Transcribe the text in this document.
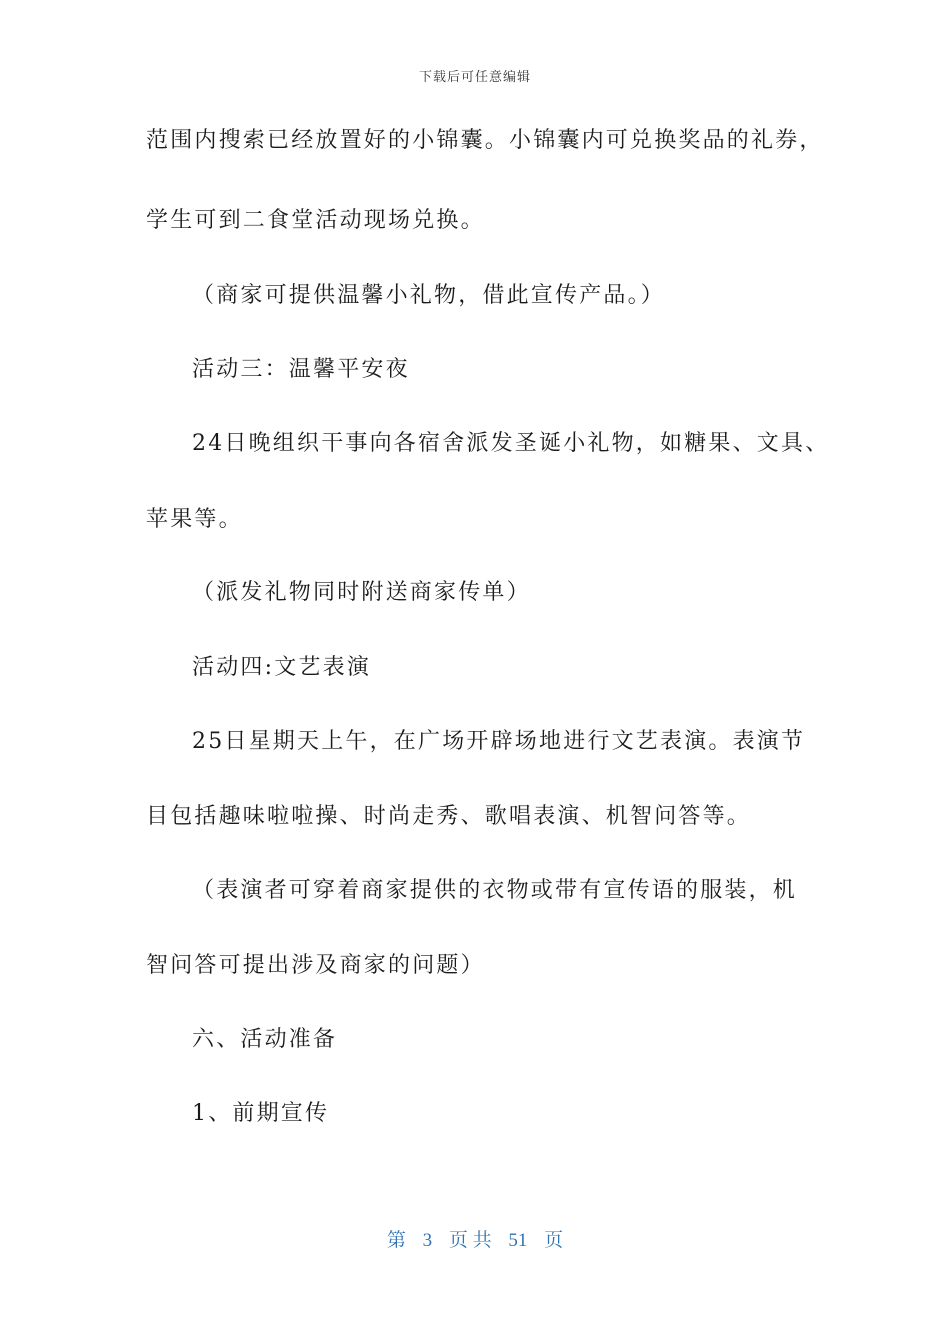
下载后可任意编辑
范围内搜索已经放置好的小锦囊。小锦囊内可兑换奖品的礼券，
学生可到二食堂活动现场兑换。
（商家可提供温馨小礼物，借此宣传产品。）
活动三：温馨平安夜
24日晚组织干事向各宿舍派发圣诞小礼物，如糖果、文具、
苹果等。
（派发礼物同时附送商家传单）
活动四:文艺表演
25日星期天上午，在广场开辟场地进行文艺表演。表演节
目包括趣味啦啦操、时尚走秀、歌唱表演、机智问答等。
（表演者可穿着商家提供的衣物或带有宣传语的服装，机
智问答可提出涉及商家的问题）
六、活动准备
1、前期宣传
第 3 页 共 51 页
